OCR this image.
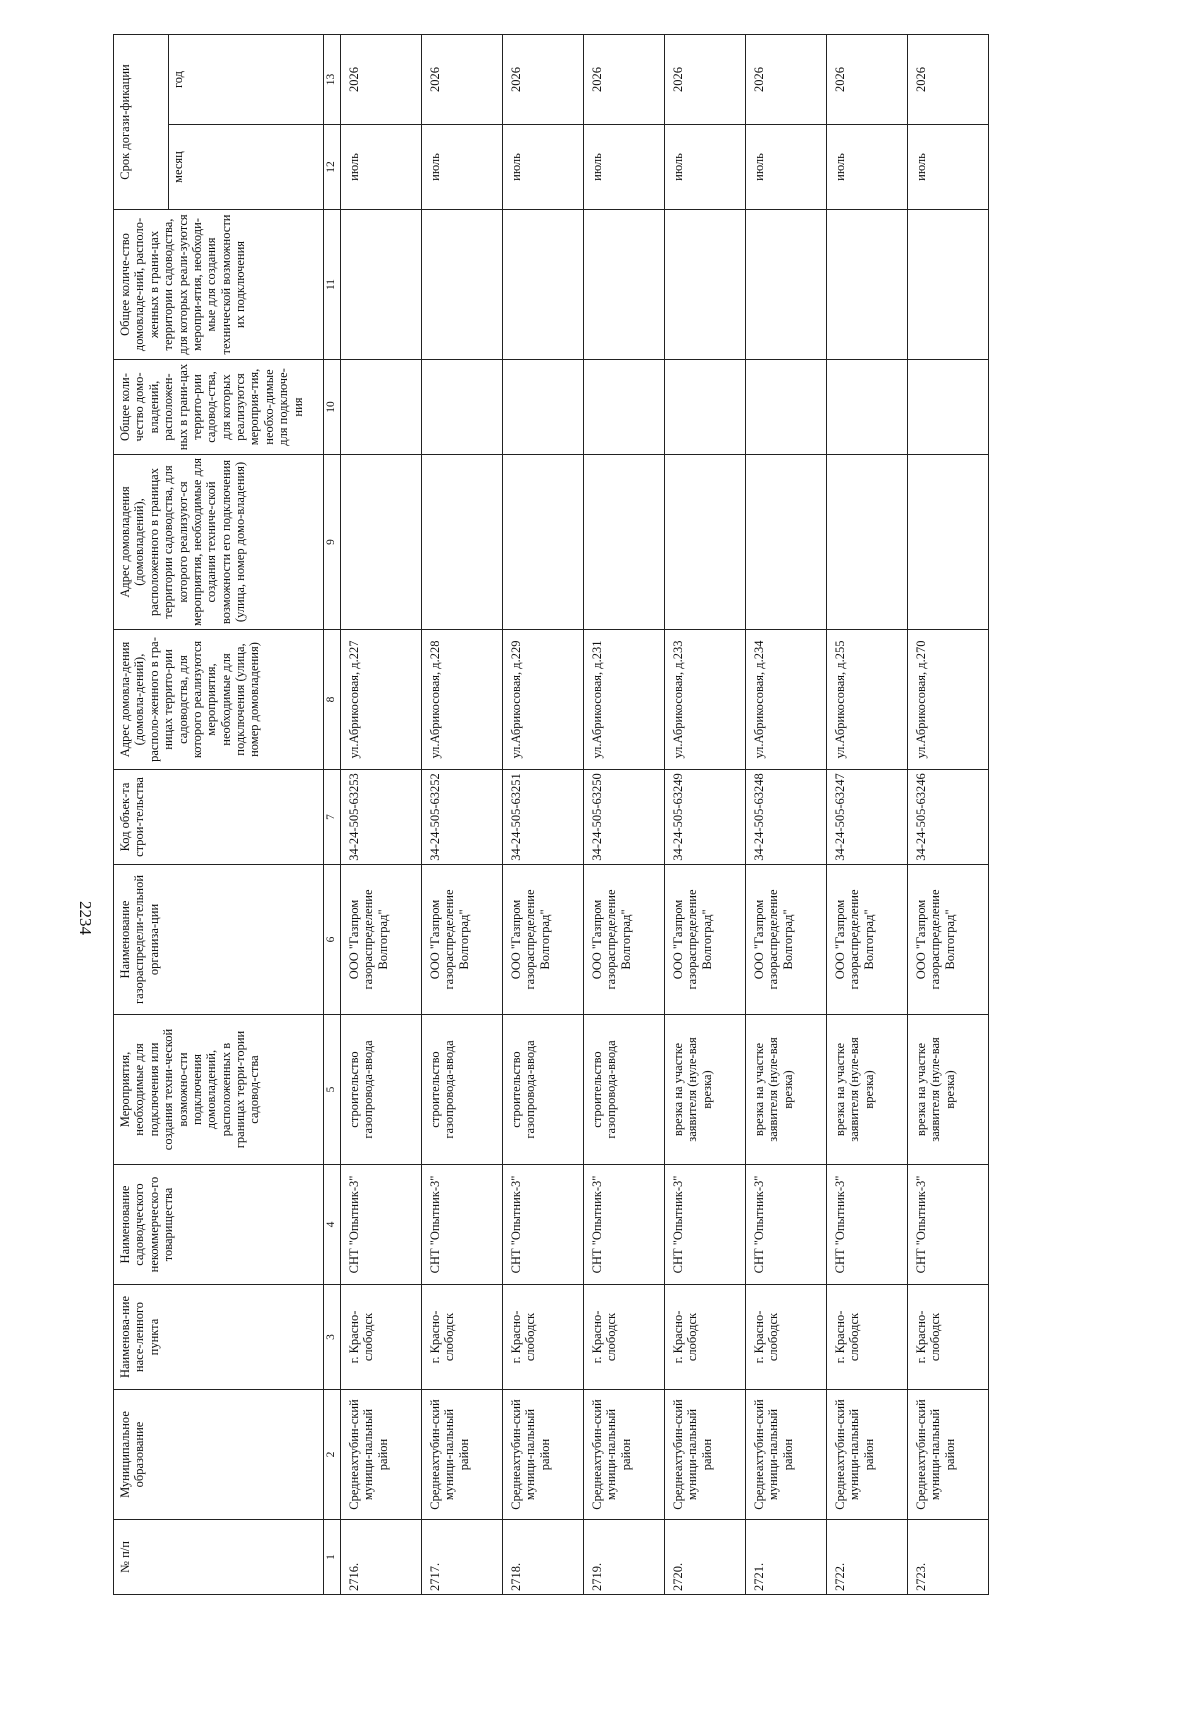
2234
№ п/п	Муниципальное образование	Наименова-ние насе-ленного пункта	Наименование садоводческого некоммерческо-го товарищества	Мероприятия, необходимые для подключения или создания техни-ческой возможно-сти подключения домовладений, расположенных в границах терри-тории садовод-ства	Наименование газораспредели-тельной организа-ции	Код объек-та строи-тельства	Адрес домовла-дения (домовла-дений), располо-женного в гра-ницах террито-рии садоводства, для которого реализуются мероприятия, необходимые для подключения (улица, номер домовладения)	Адрес домовладения (домовладений), расположенного в границах территории садоводства, для которого реализуют-ся мероприятия, необходимые для создания техниче-ской возможности его подключения (улица, номер домо-владения)	Общее коли-чество домо-владений, расположен-ных в грани-цах террито-рии садовод-ства, для которых реализуются мероприя-тия, необхо-димые для подключе-ния	Общее количе-ство домовладе-ний, располо-женных в грани-цах территории садоводства, для которых реали-зуются меропри-ятия, необходи-мые для создания технической возможности их подключения	Срок догази-фикации	
											месяц	год
1	2	3	4	5	6	7	8	9	10	11	12	13
2716.	Среднеахтубин-ский муници-пальный район	г. Красно-слободск	СНТ "Опытник-3"	строительство газопровода-ввода	ООО "Газпром газораспределение Волгоград"	34-24-505-63253	ул.Абрикосовая, д.227				июль	2026
2717.	Среднеахтубин-ский муници-пальный район	г. Красно-слободск	СНТ "Опытник-3"	строительство газопровода-ввода	ООО "Газпром газораспределение Волгоград"	34-24-505-63252	ул.Абрикосовая, д.228				июль	2026
2718.	Среднеахтубин-ский муници-пальный район	г. Красно-слободск	СНТ "Опытник-3"	строительство газопровода-ввода	ООО "Газпром газораспределение Волгоград"	34-24-505-63251	ул.Абрикосовая, д.229				июль	2026
2719.	Среднеахтубин-ский муници-пальный район	г. Красно-слободск	СНТ "Опытник-3"	строительство газопровода-ввода	ООО "Газпром газораспределение Волгоград"	34-24-505-63250	ул.Абрикосовая, д.231				июль	2026
2720.	Среднеахтубин-ский муници-пальный район	г. Красно-слободск	СНТ "Опытник-3"	врезка на участке заявителя (нуле-вая врезка)	ООО "Газпром газораспределение Волгоград"	34-24-505-63249	ул.Абрикосовая, д.233				июль	2026
2721.	Среднеахтубин-ский муници-пальный район	г. Красно-слободск	СНТ "Опытник-3"	врезка на участке заявителя (нуле-вая врезка)	ООО "Газпром газораспределение Волгоград"	34-24-505-63248	ул.Абрикосовая, д.234				июль	2026
2722.	Среднеахтубин-ский муници-пальный район	г. Красно-слободск	СНТ "Опытник-3"	врезка на участке заявителя (нуле-вая врезка)	ООО "Газпром газораспределение Волгоград"	34-24-505-63247	ул.Абрикосовая, д.255				июль	2026
2723.	Среднеахтубин-ский муници-пальный район	г. Красно-слободск	СНТ "Опытник-3"	врезка на участке заявителя (нуле-вая врезка)	ООО "Газпром газораспределение Волгоград"	34-24-505-63246	ул.Абрикосовая, д.270				июль	2026
